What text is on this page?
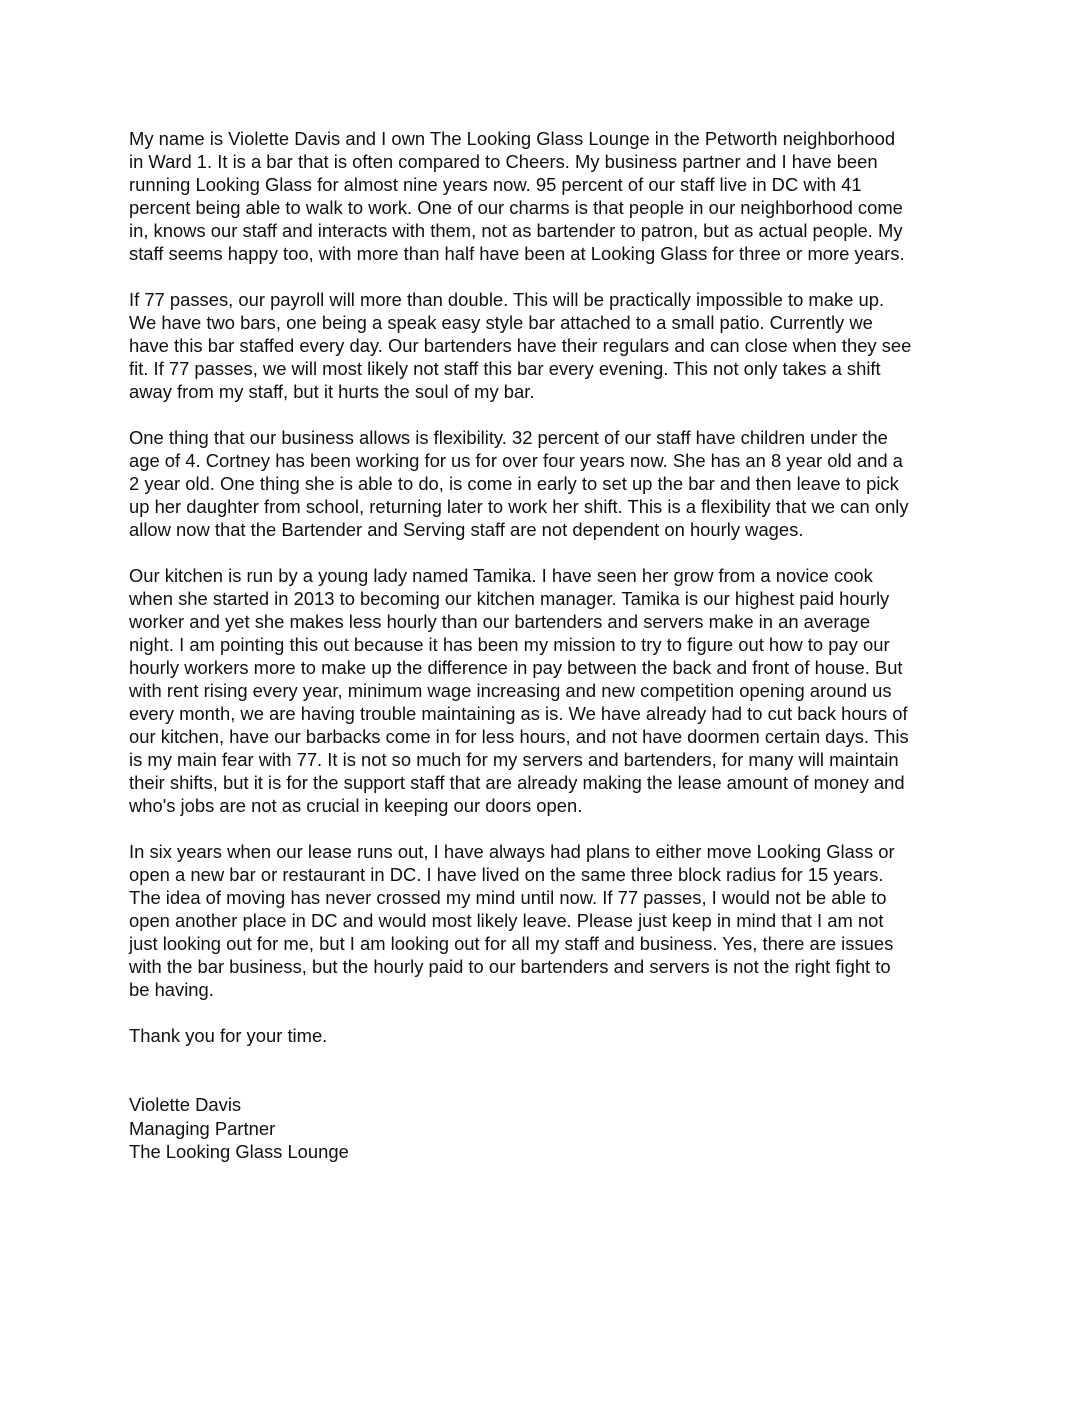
My name is Violette Davis and I own The Looking Glass Lounge in the Petworth neighborhood
in Ward 1. It is a bar that is often compared to Cheers. My business partner and I have been
running Looking Glass for almost nine years now. 95 percent of our staff live in DC with 41
percent being able to walk to work. One of our charms is that people in our neighborhood come
in, knows our staff and interacts with them, not as bartender to patron, but as actual people. My
staff seems happy too, with more than half have been at Looking Glass for three or more years.
If 77 passes, our payroll will more than double. This will be practically impossible to make up.
We have two bars, one being a speak easy style bar attached to a small patio. Currently we
have this bar staffed every day. Our bartenders have their regulars and can close when they see
fit. If 77 passes, we will most likely not staff this bar every evening. This not only takes a shift
away from my staff, but it hurts the soul of my bar.
One thing that our business allows is flexibility. 32 percent of our staff have children under the
age of 4. Cortney has been working for us for over four years now. She has an 8 year old and a
2 year old. One thing she is able to do, is come in early to set up the bar and then leave to pick
up her daughter from school, returning later to work her shift. This is a flexibility that we can only
allow now that the Bartender and Serving staff are not dependent on hourly wages.
Our kitchen is run by a young lady named Tamika. I have seen her grow from a novice cook
when she started in 2013 to becoming our kitchen manager. Tamika is our highest paid hourly
worker and yet she makes less hourly than our bartenders and servers make in an average
night. I am pointing this out because it has been my mission to try to figure out how to pay our
hourly workers more to make up the difference in pay between the back and front of house. But
with rent rising every year, minimum wage increasing and new competition opening around us
every month, we are having trouble maintaining as is. We have already had to cut back hours of
our kitchen, have our barbacks come in for less hours, and not have doormen certain days. This
is my main fear with 77. It is not so much for my servers and bartenders, for many will maintain
their shifts, but it is for the support staff that are already making the lease amount of money and
who's jobs are not as crucial in keeping our doors open.
In six years when our lease runs out, I have always had plans to either move Looking Glass or
open a new bar or restaurant in DC. I have lived on the same three block radius for 15 years.
The idea of moving has never crossed my mind until now. If 77 passes, I would not be able to
open another place in DC and would most likely leave. Please just keep in mind that I am not
just looking out for me, but I am looking out for all my staff and business. Yes, there are issues
with the bar business, but the hourly paid to our bartenders and servers is not the right fight to
be having.
Thank you for your time.
Violette Davis
Managing Partner
The Looking Glass Lounge
